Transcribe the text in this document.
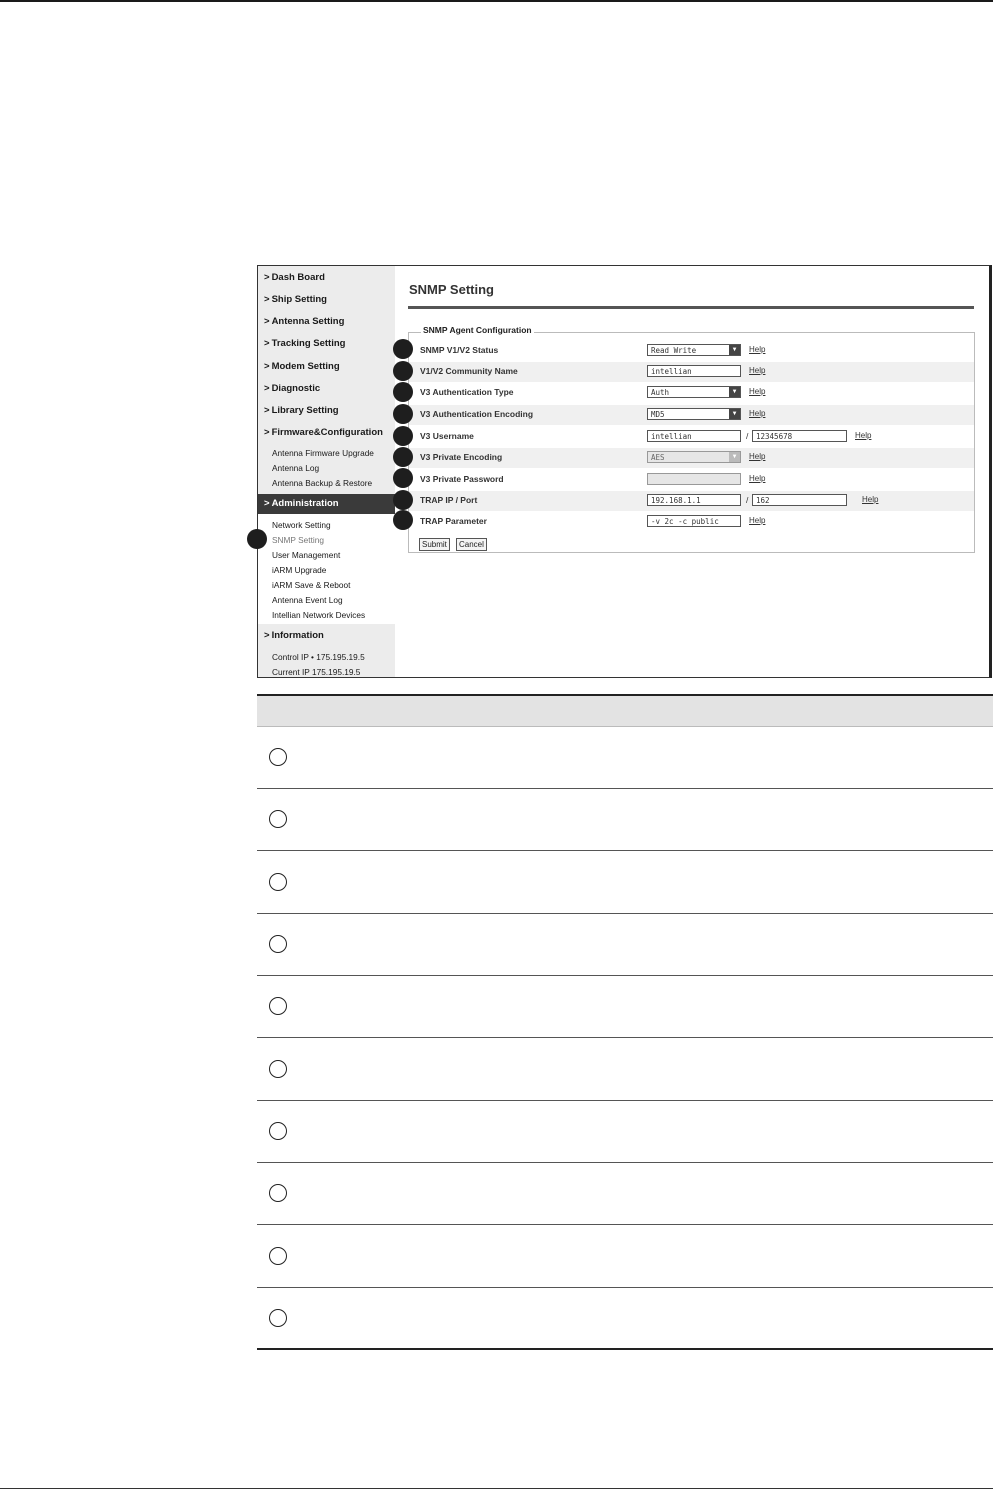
> Dash Board
> Ship Setting
> Antenna Setting
> Tracking Setting
> Modem Setting
> Diagnostic
> Library Setting
> Firmware&Configuration
Antenna Firmware Upgrade
Antenna Log
Antenna Backup & Restore
> Administration
Network Setting
SNMP Setting
User Management
iARM Upgrade
iARM Save & Reboot
Antenna Event Log
Intellian Network Devices
> Information
Control IP • 175.195.19.5
Current IP 175.195.19.5
SNMP Setting
SNMP Agent Configuration
SNMP V1/V2 Status	Read Write	▼	Help
V1/V2 Community Name	intellian	Help
V3 Authentication Type	Auth	▼	Help
V3 Authentication Encoding	MD5	▼	Help
V3 Username	intellian	/	12345678	Help
V3 Private Encoding	AES	▼	Help
V3 Private Password	Help
TRAP IP / Port	192.168.1.1	/	162	Help
TRAP Parameter	-v 2c -c public	Help
Submit	Cancel
